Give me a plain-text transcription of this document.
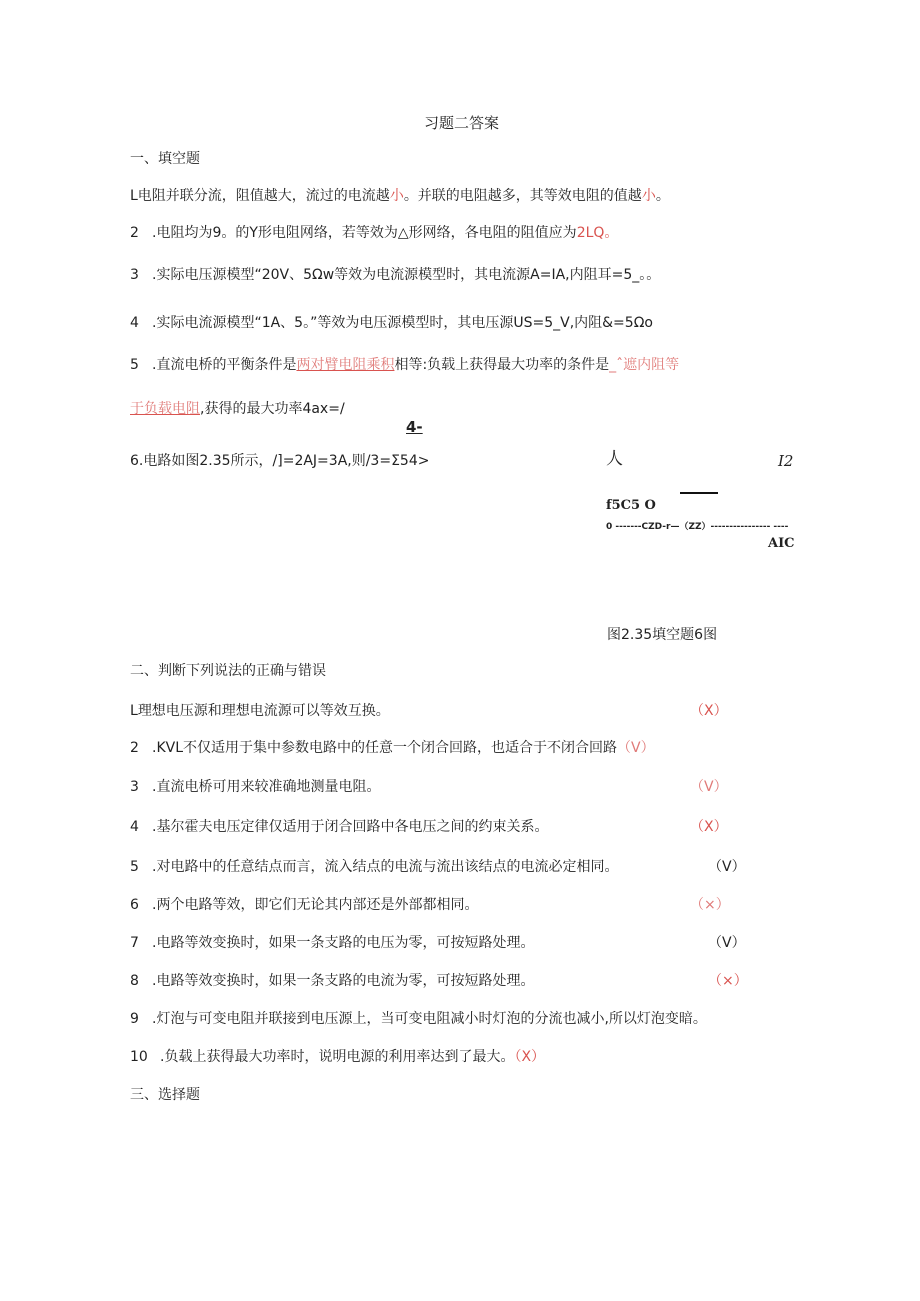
习题二答案
一、填空题
L电阻并联分流，阻值越大，流过的电流越小。并联的电阻越多，其等效电阻的值越小。
2 .电阻均为9。的Y形电阻网络，若等效为△形网络，各电阻的阻值应为2LQ。
3 .实际电压源模型“20V、5Ωw等效为电流源模型时，其电流源A=IA,内阻耳=5_。。
4 .实际电流源模型“1A、5。”等效为电压源模型时，其电压源US=5_V,内阻&=5Ωo
5 .直流电桥的平衡条件是两对臂电阻乘积相等:负载上获得最大功率的条件是_ˆ遮内阻等
于负载电阻,获得的最大功率4ax=/
4-
6.电路如图2.35所示，/]=2AJ=3A,则/3=Σ54>	人	I2
f5C5 O
0 -------CZD-r—（ZZ）---------------- ----
AIC
图2.35填空题6图
二、判断下列说法的正确与错误
L理想电压源和理想电流源可以等效互换。	（X）
2 .KVL不仅适用于集中参数电路中的任意一个闭合回路，也适合于不闭合回路（V）
3 .直流电桥可用来较准确地测量电阻。	（V）
4 .基尔霍夫电压定律仅适用于闭合回路中各电压之间的约束关系。	（X）
5 .对电路中的任意结点而言，流入结点的电流与流出该结点的电流必定相同。	（V）
6 .两个电路等效，即它们无论其内部还是外部都相同。	（×）
7 .电路等效变换时，如果一条支路的电压为零，可按短路处理。	（V）
8 .电路等效变换时，如果一条支路的电流为零，可按短路处理。	（×）
9 .灯泡与可变电阻并联接到电压源上，当可变电阻减小时灯泡的分流也减小,所以灯泡变暗。
10 .负载上获得最大功率时，说明电源的利用率达到了最大。（X）
三、选择题
